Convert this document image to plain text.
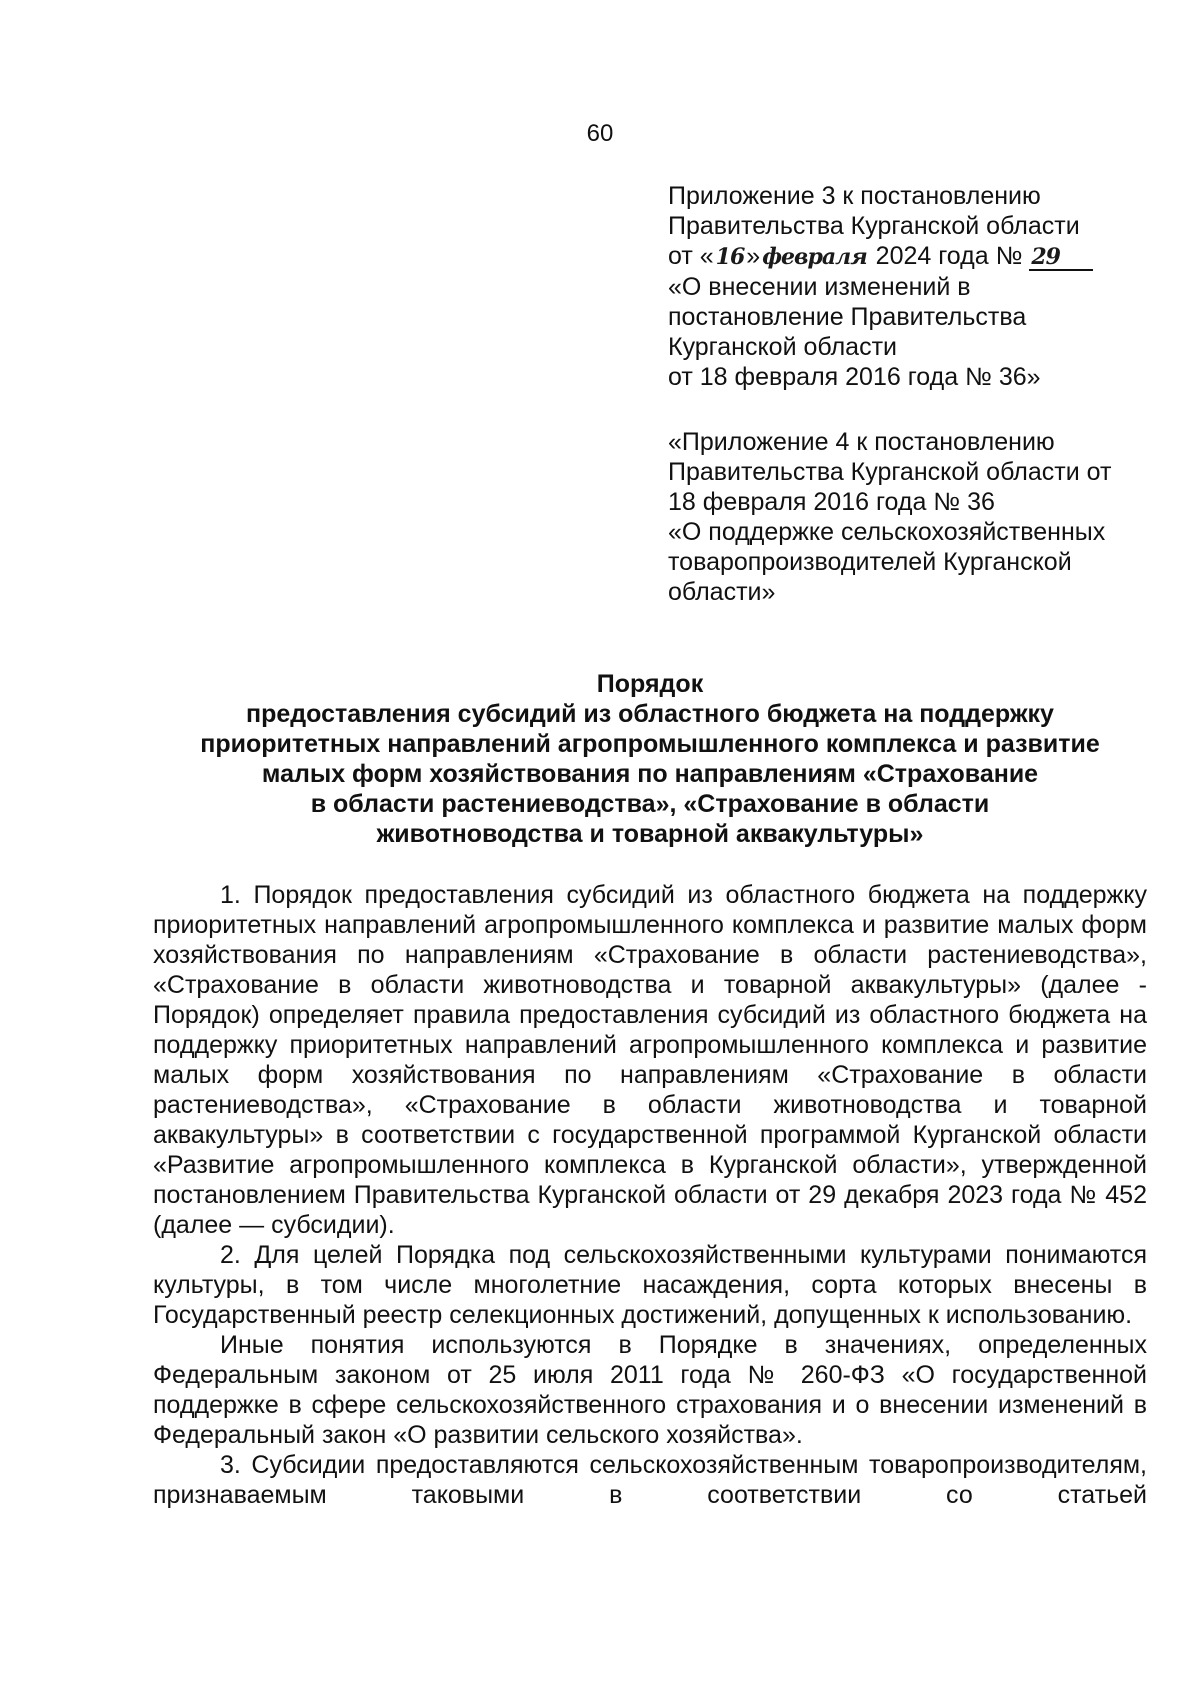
60
Приложение 3 к постановлению
Правительства Курганской области
от «16»февраля 2024 года № 29
«О внесении изменений в
постановление Правительства
Курганской области
от 18 февраля 2016 года № 36»
«Приложение 4 к постановлению
Правительства Курганской области от
18 февраля 2016 года № 36
«О поддержке сельскохозяйственных
товаропроизводителей Курганской
области»
Порядок
предоставления субсидий из областного бюджета на поддержку
приоритетных направлений агропромышленного комплекса и развитие
малых форм хозяйствования по направлениям «Страхование
в области растениеводства», «Страхование в области
животноводства и товарной аквакультуры»

1. Порядок предоставления субсидий из областного бюджета на поддержку приоритетных направлений агропромышленного комплекса и развитие малых форм хозяйствования по направлениям «Страхование в области растениеводства», «Страхование в области животноводства и товарной аквакультуры» (далее - Порядок) определяет правила предоставления субсидий из областного бюджета на поддержку приоритетных направлений агропромышленного комплекса и развитие малых форм хозяйствования по направлениям «Страхование в области растениеводства», «Страхование в области животноводства и товарной аквакультуры» в соответствии с государственной программой Курганской области «Развитие агропромышленного комплекса в Курганской области», утвержденной постановлением Правительства Курганской области от 29 декабря 2023 года № 452 (далее — субсидии).

2. Для целей Порядка под сельскохозяйственными культурами понимаются культуры, в том числе многолетние насаждения, сорта которых внесены в Государственный реестр селекционных достижений, допущенных к использованию.

Иные понятия используются в Порядке в значениях, определенных Федеральным законом от 25 июля 2011 года № 260-ФЗ «О государственной поддержке в сфере сельскохозяйственного страхования и о внесении изменений в Федеральный закон «О развитии сельского хозяйства».

3. Субсидии предоставляются сельскохозяйственным товаропроизводителям, признаваемым таковыми в соответствии со статьей
